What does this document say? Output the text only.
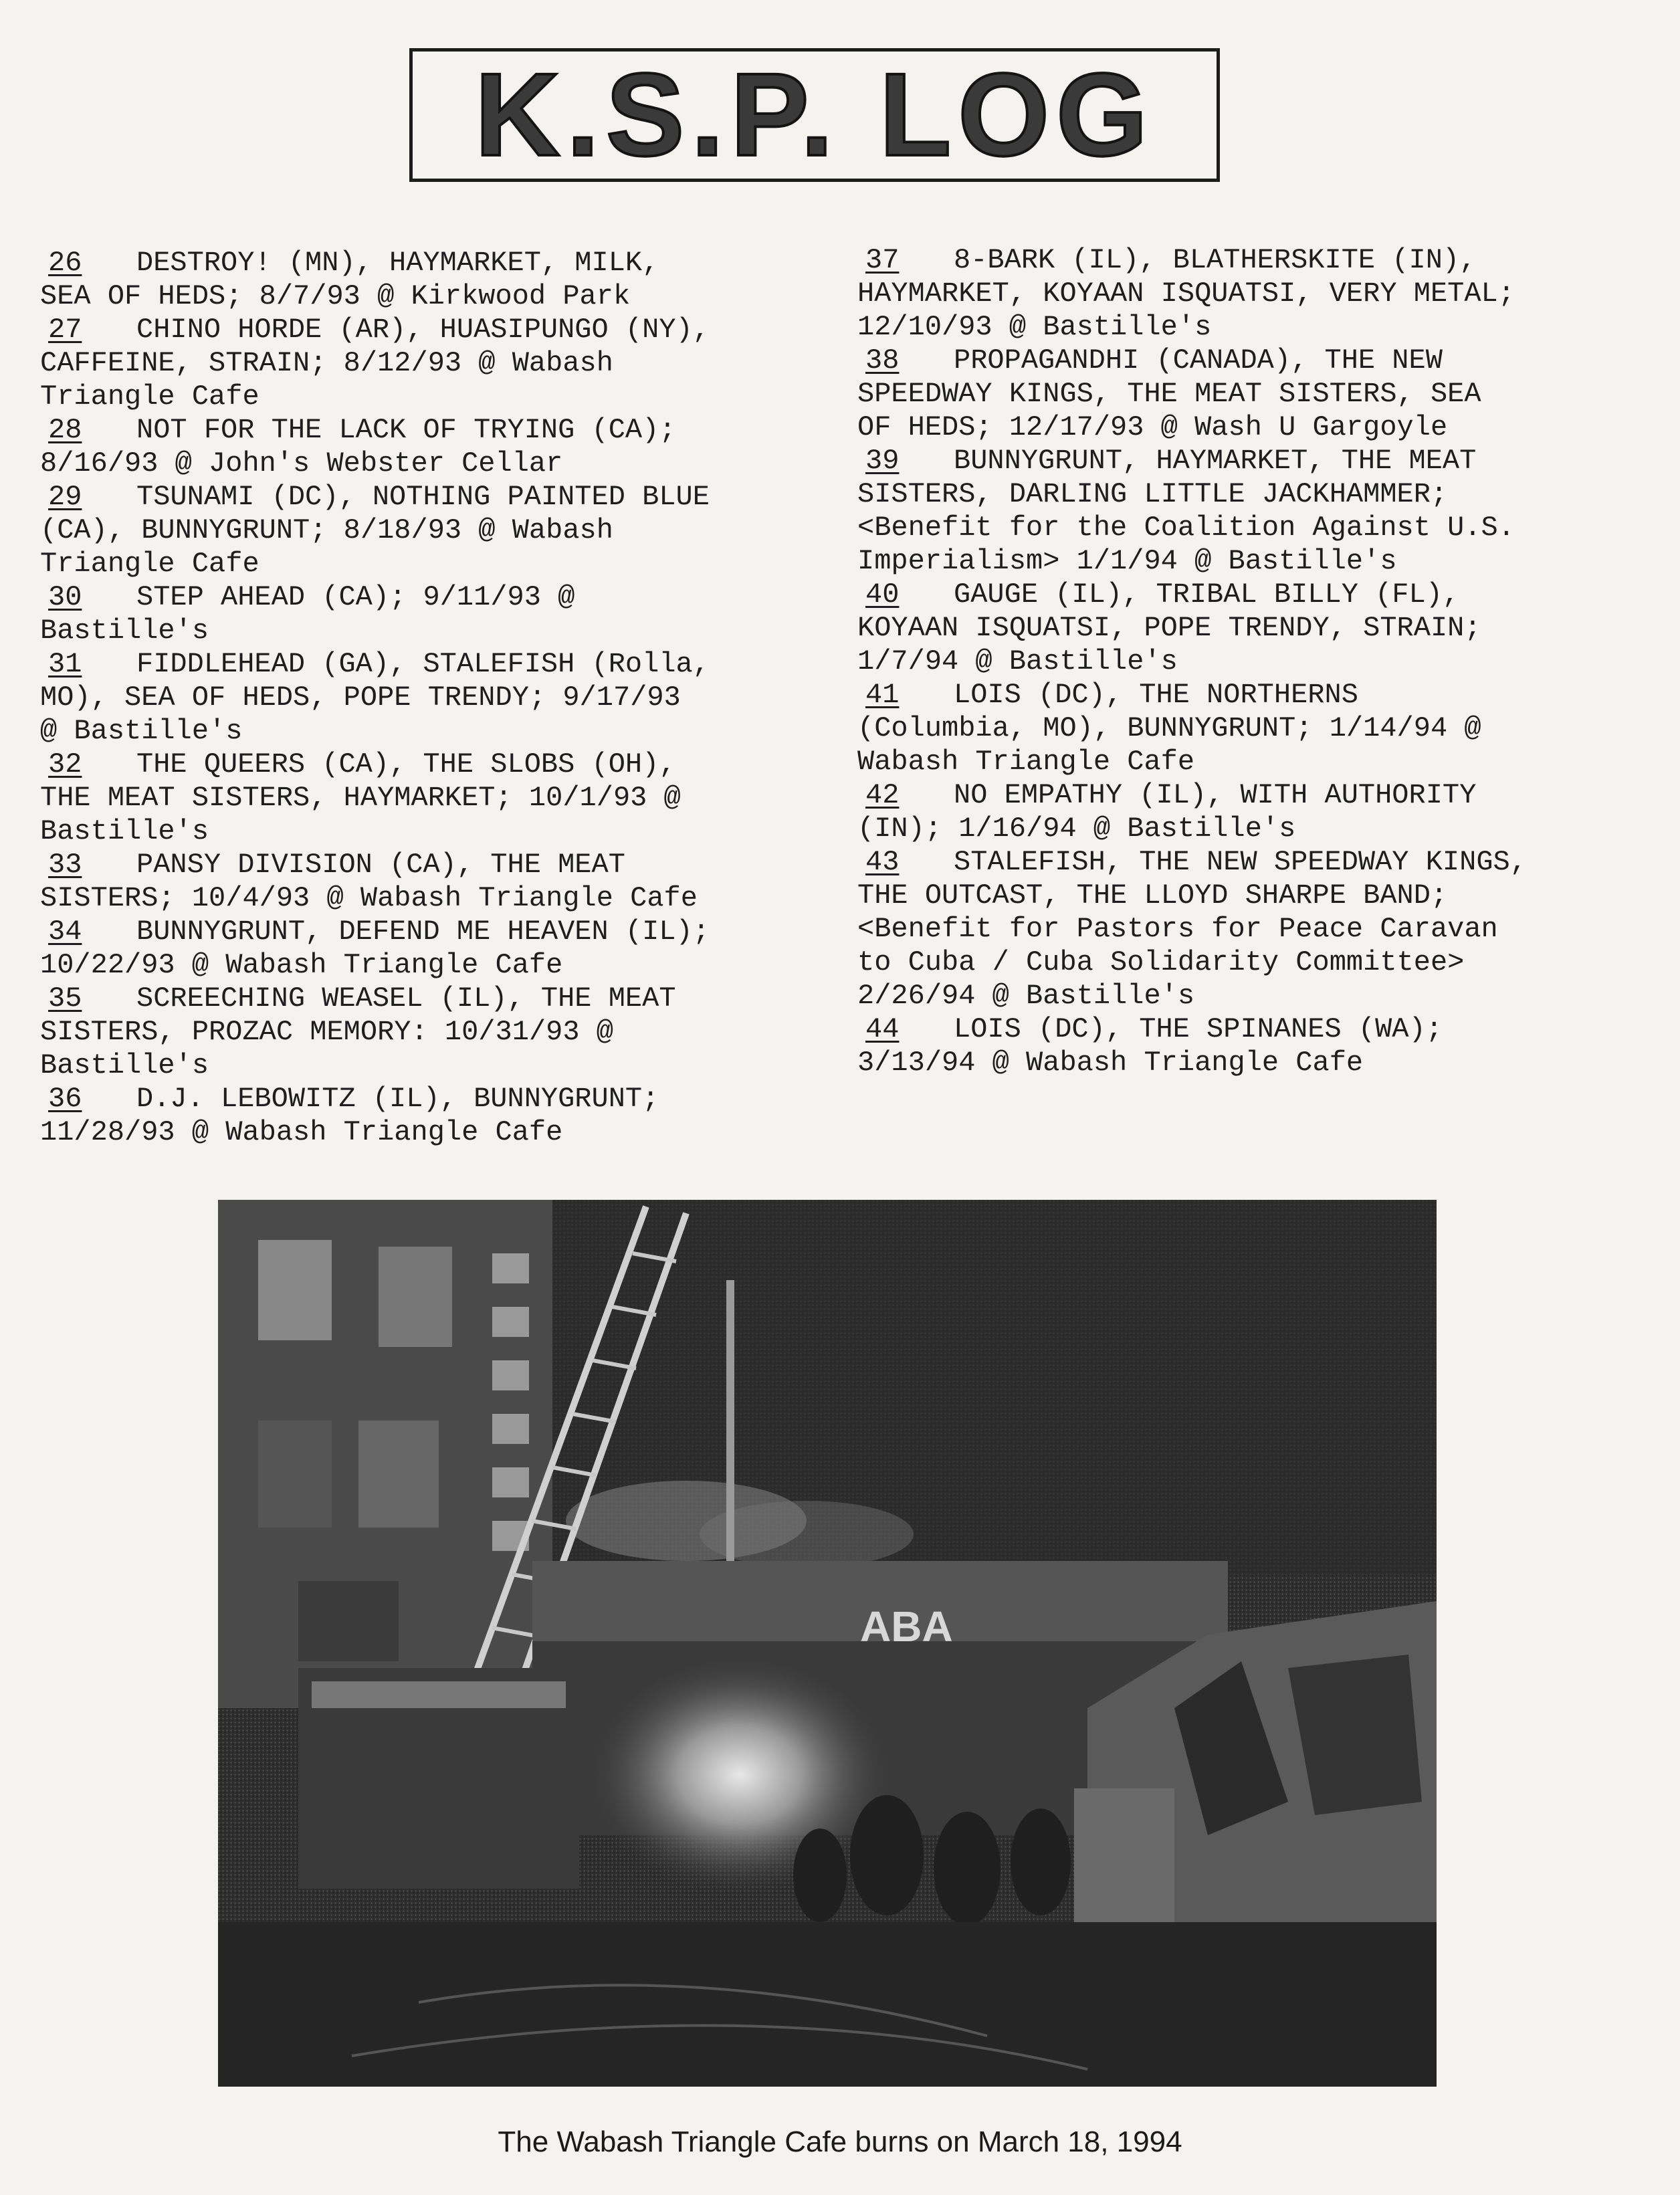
K.S.P. LOG
26 DESTROY! (MN), HAYMARKET, MILK,
SEA OF HEDS; 8/7/93 @ Kirkwood Park
27 CHINO HORDE (AR), HUASIPUNGO (NY),
CAFFEINE, STRAIN; 8/12/93 @ Wabash
Triangle Cafe
28 NOT FOR THE LACK OF TRYING (CA);
8/16/93 @ John's Webster Cellar
29 TSUNAMI (DC), NOTHING PAINTED BLUE
(CA), BUNNYGRUNT; 8/18/93 @ Wabash
Triangle Cafe
30 STEP AHEAD (CA); 9/11/93 @
Bastille's
31 FIDDLEHEAD (GA), STALEFISH (Rolla,
MO), SEA OF HEDS, POPE TRENDY; 9/17/93
@ Bastille's
32 THE QUEERS (CA), THE SLOBS (OH),
THE MEAT SISTERS, HAYMARKET; 10/1/93 @
Bastille's
33 PANSY DIVISION (CA), THE MEAT
SISTERS; 10/4/93 @ Wabash Triangle Cafe
34 BUNNYGRUNT, DEFEND ME HEAVEN (IL);
10/22/93 @ Wabash Triangle Cafe
35 SCREECHING WEASEL (IL), THE MEAT
SISTERS, PROZAC MEMORY: 10/31/93 @
Bastille's
36 D.J. LEBOWITZ (IL), BUNNYGRUNT;
11/28/93 @ Wabash Triangle Cafe
37 8-BARK (IL), BLATHERSKITE (IN),
HAYMARKET, KOYAAN ISQUATSI, VERY METAL;
12/10/93 @ Bastille's
38 PROPAGANDHI (CANADA), THE NEW
SPEEDWAY KINGS, THE MEAT SISTERS, SEA
OF HEDS; 12/17/93 @ Wash U Gargoyle
39 BUNNYGRUNT, HAYMARKET, THE MEAT
SISTERS, DARLING LITTLE JACKHAMMER;
<Benefit for the Coalition Against U.S.
Imperialism> 1/1/94 @ Bastille's
40 GAUGE (IL), TRIBAL BILLY (FL),
KOYAAN ISQUATSI, POPE TRENDY, STRAIN;
1/7/94 @ Bastille's
41 LOIS (DC), THE NORTHERNS
(Columbia, MO), BUNNYGRUNT; 1/14/94 @
Wabash Triangle Cafe
42 NO EMPATHY (IL), WITH AUTHORITY
(IN); 1/16/94 @ Bastille's
43 STALEFISH, THE NEW SPEEDWAY KINGS,
THE OUTCAST, THE LLOYD SHARPE BAND;
<Benefit for Pastors for Peace Caravan
to Cuba / Cuba Solidarity Committee>
2/26/94 @ Bastille's
44 LOIS (DC), THE SPINANES (WA);
3/13/94 @ Wabash Triangle Cafe
ABA
The Wabash Triangle Cafe burns on March 18, 1994
